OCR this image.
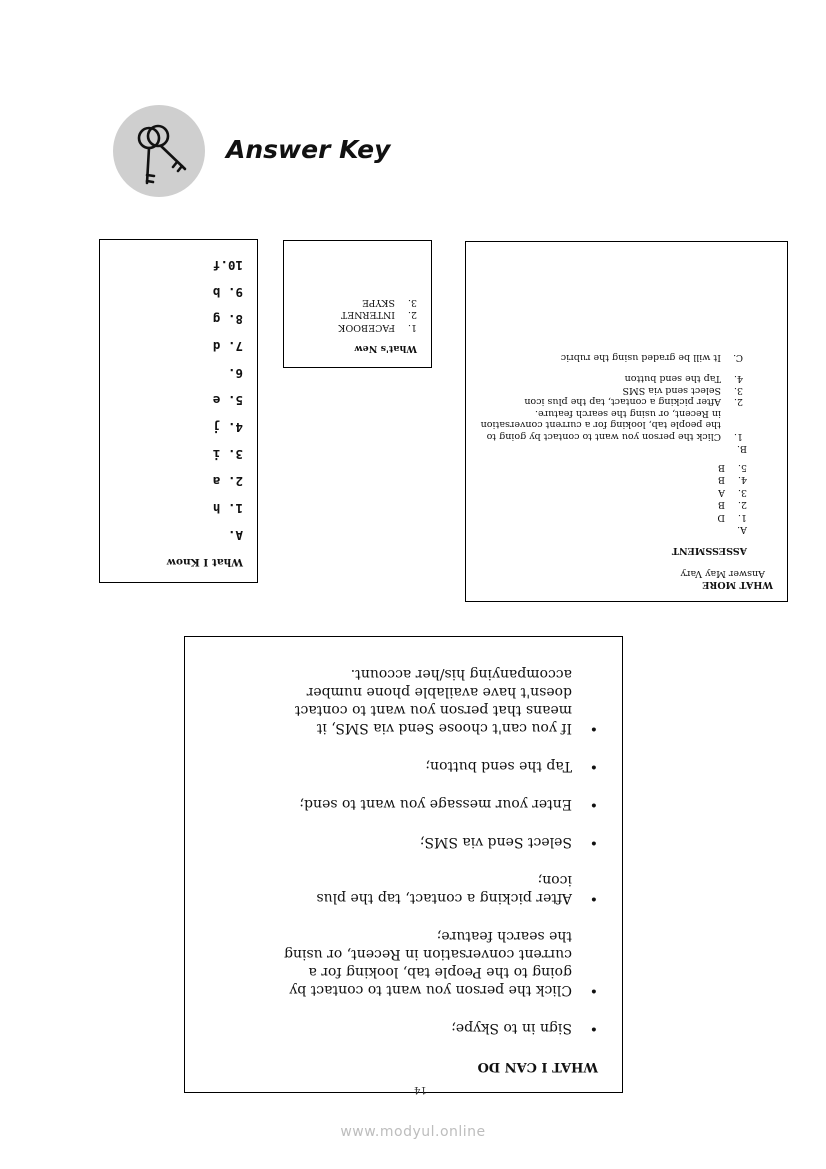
Answer Key
What I Know
A.
1. h
2. a
3. i
4. j
5. e
6.
7. d
8. g
9. b
10.f
What's New
1.
FACEBOOK
2.
INTERNET
3.
SKYPE
WHAT MORE
Answer May Vary
ASSESSMENT
A.
1.
D
2.
B
3.
A
4.
B
5.
B
B.
1.
Click the person you want to contact by going to the people tab, looking for a current conversation in Recent, or using the search feature.
2.
After picking a contact, tap the plus icon
3.
Select send via SMS
4.
Tap the send button
C.
It will be graded using the rubric
WHAT I CAN DO
•
Sign in to Skype;
•
Click the person you want to contact by going to the People tab, looking for a current conversation in Recent, or using the search feature;
•
After picking a contact, tap the plus icon;
•
Select Send via SMS;
•
Enter your message you want to send;
•
Tap the send button;
•
If you can't choose Send via SMS, it means that person you want to contact doesn't have available phone number accompanying his/her account.
14
www.modyul.online
